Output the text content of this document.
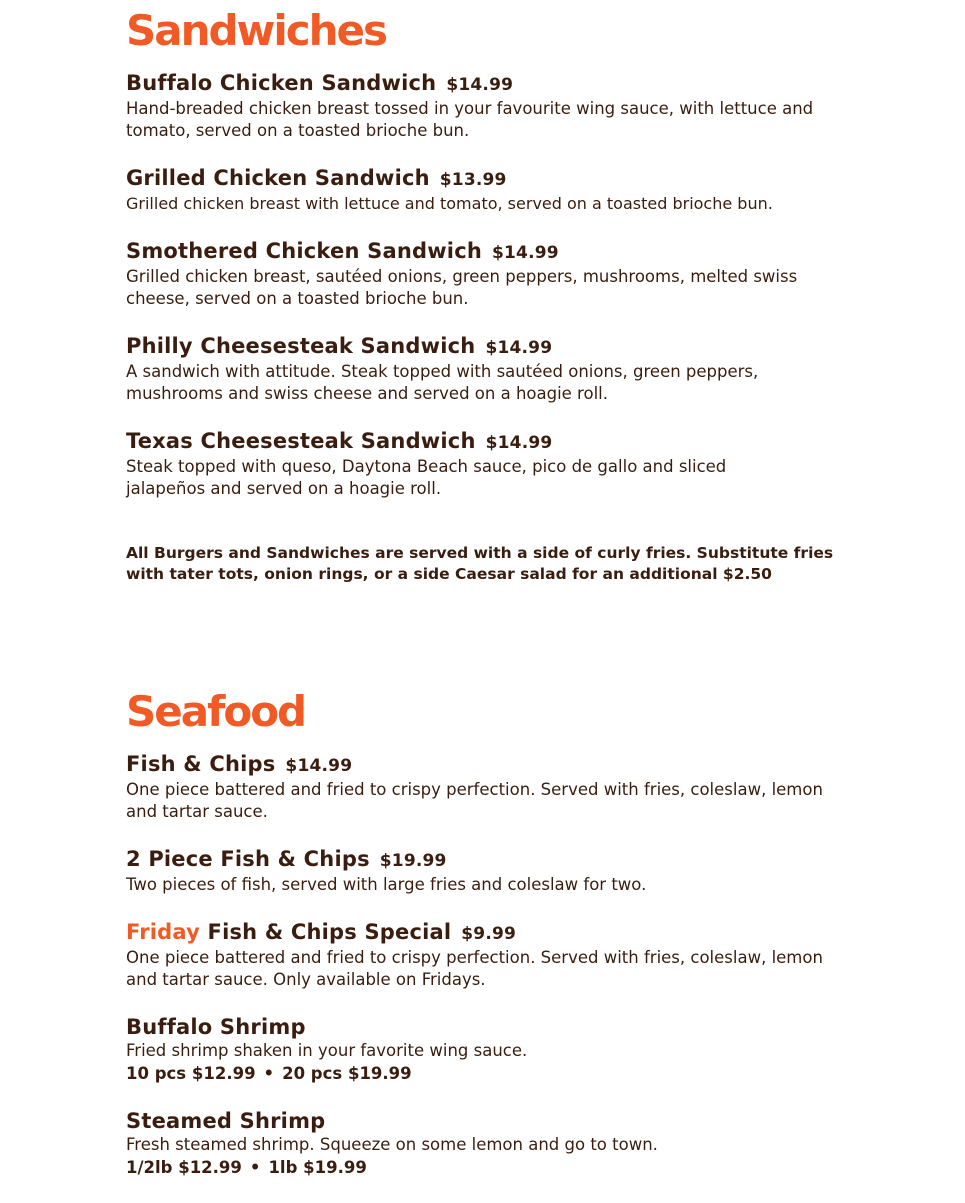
Sandwiches
Buffalo Chicken Sandwich $14.99

Hand-breaded chicken breast tossed in your favourite wing sauce, with lettuce and tomato, served on a toasted brioche bun.

Grilled Chicken Sandwich $13.99

Grilled chicken breast with lettuce and tomato, served on a toasted brioche bun.

Smothered Chicken Sandwich $14.99

Grilled chicken breast, sautéed onions, green peppers, mushrooms, melted swiss cheese, served on a toasted brioche bun.

Philly Cheesesteak Sandwich $14.99

A sandwich with attitude. Steak topped with sautéed onions, green peppers, mushrooms and swiss cheese and served on a hoagie roll.

Texas Cheesesteak Sandwich $14.99

Steak topped with queso, Daytona Beach sauce, pico de gallo and sliced jalapeños and served on a hoagie roll.

All Burgers and Sandwiches are served with a side of curly fries. Substitute fries with tater tots, onion rings, or a side Caesar salad for an additional $2.50
Seafood
Fish & Chips $14.99

One piece battered and fried to crispy perfection. Served with fries, coleslaw, lemon and tartar sauce.

2 Piece Fish & Chips $19.99

Two pieces of fish, served with large fries and coleslaw for two.

Friday Fish & Chips Special $9.99

One piece battered and fried to crispy perfection. Served with fries, coleslaw, lemon and tartar sauce. Only available on Fridays.

Buffalo Shrimp

Fried shrimp shaken in your favorite wing sauce.

10 pcs $12.99 • 20 pcs $19.99
Steamed Shrimp

Fresh steamed shrimp. Squeeze on some lemon and go to town.

1/2lb $12.99 • 1lb $19.99
